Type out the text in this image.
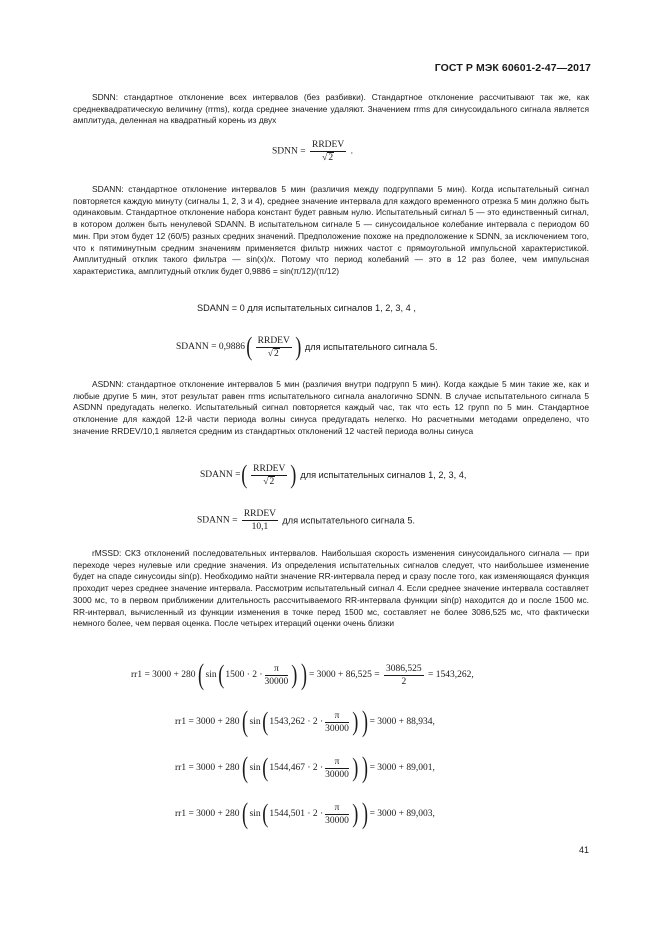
ГОСТ Р МЭК 60601-2-47—2017

SDNN: стандартное отклонение всех интервалов (без разбивки). Стандартное отклонение рассчитывают так же, как среднеквадратическую величину (rrms), когда среднее значение удаляют. Значением rrms для синусоидального сигнала является амплитуда, деленная на квадратный корень из двух

SDNN = $\frac{\text{RRDEV}}{√2}$ .

SDANN: стандартное отклонение интервалов 5 мин (различия между подгруппами 5 мин). Когда испытательный сигнал повторяется каждую минуту (сигналы 1, 2, 3 и 4), среднее значение интервала для каждого временного отрезка 5 мин должно быть одинаковым. Стандартное отклонение набора констант будет равным нулю. Испытательный сигнал 5 — это единственный сигнал, в котором должен быть ненулевой SDANN. В испытательном сигнале 5 — синусоидальное колебание интервала с периодом 60 мин. При этом будет 12 (60/5) разных средних значений. Предположение похоже на предположение к SDNN, за исключением того, что к пятиминутным средним значениям применяется фильтр нижних частот с прямоугольной импульсной характеристикой. Амплитудный отклик такого фильтра — sin(x)/x. Потому что период колебаний — это в 12 раз более, чем импульсная характеристика, амплитудный отклик будет 0,9886 = sin(π/12)/(π/12)

SDANN = 0 для испытательных сигналов 1, 2, 3, 4 ,
SDANN = $0,9886( \frac{\text{RRDEV}}{√2}$ ) для испытательного сигнала 5.

ASDNN: стандартное отклонение интервалов 5 мин (различия внутри подгрупп 5 мин). Когда каждые 5 мин такие же, как и любые другие 5 мин, этот результат равен rrms испытательного сигнала аналогично SDNN. В случае испытательного сигнала 5 ASDNN предугадать нелегко. Испытательный сигнал повторяется каждый час, так что есть 12 групп по 5 мин. Стандартное отклонение для каждой 12-й части периода волны синуса предугадать нелегко. Но расчетными методами определено, что значение RRDEV/10,1 является средним из стандартных отклонений 12 частей периода волны синуса

SDANN =( $\frac{\text{RRDEV}}{√2}$ ) для испытательных сигналов 1, 2, 3, 4,
SDANN = $\frac{\text{RRDEV}}{10,1}$ для испытательного сигнала 5.

rMSSD: СКЗ отклонений последовательных интервалов. Наибольшая скорость изменения синусоидального сигнала — при переходе через нулевые или средние значения. Из определения испытательных сигналов следует, что наибольшее изменение будет на спаде синусоиды sin(p). Необходимо найти значение RR-интервала перед и сразу после того, как изменяющаяся функция проходит через среднее значение интервала. Рассмотрим испытательный сигнал 4. Если среднее значение интервала составляет 3000 мс, то в первом приближении длительность рассчитываемого RR-интервала функции sin(p) находится до и после 1500 мс. RR-интервал, вычисленный из функции изменения в точке перед 1500 мс, составляет не более 3086,525 мс, что фактически немного более, чем первая оценка. После четырех итераций оценки очень близки

rr1 = 3000 + 280( $\sin(1500 \cdot 2 \cdot \frac{\pi}{30000}$ ) ) = $3000 + 86,525 = \frac{3086,525}{2} = 1543,262$,
rr1 = 3000 + 280( $\sin(1543,262 \cdot 2 \cdot \frac{\pi}{30000}$ ) ) = 3000 + 88,934,
rr1 = 3000 + 280( $\sin(1544,467 \cdot 2 \cdot \frac{\pi}{30000}$ ) ) = 3000 + 89,001,
rr1 = 3000 + 280( $\sin(1544,501 \cdot 2 \cdot \frac{\pi}{30000}$ ) ) = 3000 + 89,003,
41
